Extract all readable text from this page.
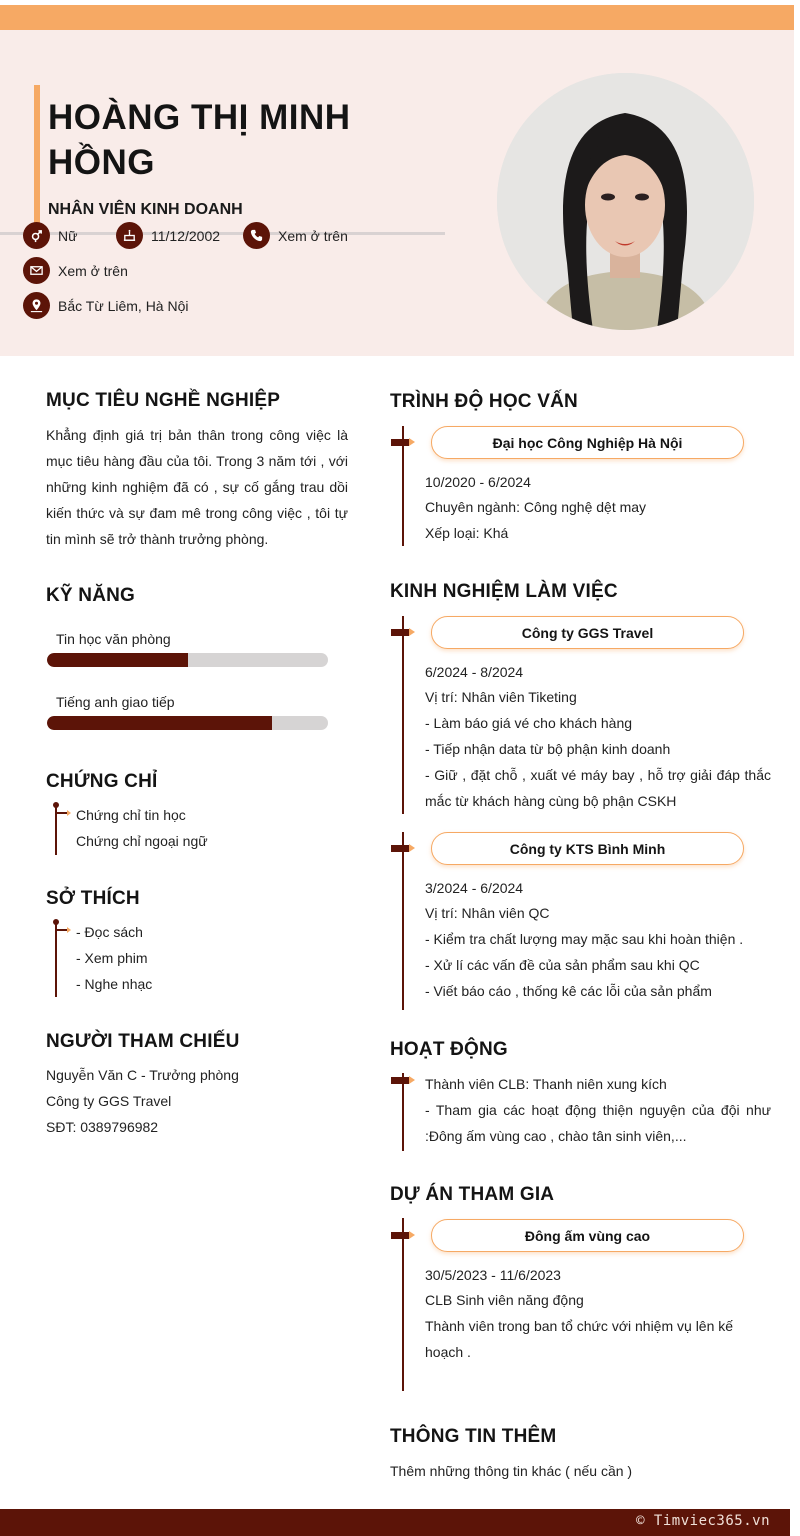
HOÀNG THỊ MINH HỒNG
NHÂN VIÊN KINH DOANH
Nữ	11/12/2002	Xem ở trên
Xem ở trên
Bắc Từ Liêm, Hà Nội
MỤC TIÊU NGHỀ NGHIỆP
Khẳng định giá trị bản thân trong công việc là mục tiêu hàng đầu của tôi. Trong 3 năm tới , với những kinh nghiệm đã có , sự cố gắng trau dồi kiến thức và sự đam mê trong công việc , tôi tự tin mình sẽ trở thành trưởng phòng.
KỸ NĂNG
Tin học văn phòng
Tiếng anh giao tiếp
CHỨNG CHỈ
Chứng chỉ tin học
Chứng chỉ ngoại ngữ
SỞ THÍCH
- Đọc sách
- Xem phim
- Nghe nhạc
NGƯỜI THAM CHIẾU
Nguyễn Văn C - Trưởng phòng
Công ty GGS Travel
SĐT: 0389796982
TRÌNH ĐỘ HỌC VẤN
Đại học Công Nghiệp Hà Nội
10/2020 - 6/2024
Chuyên ngành: Công nghệ dệt may
Xếp loại: Khá
KINH NGHIỆM LÀM VIỆC
Công ty GGS Travel
6/2024 - 8/2024
Vị trí: Nhân viên Tiketing
- Làm báo giá vé cho khách hàng
- Tiếp nhận data từ bộ phận kinh doanh
- Giữ , đặt chỗ , xuất vé máy bay , hỗ trợ giải đáp thắc mắc từ khách hàng cùng bộ phận CSKH
Công ty KTS Bình Minh
3/2024 - 6/2024
Vị trí: Nhân viên QC
- Kiểm tra chất lượng may mặc sau khi hoàn thiện .
- Xử lí các vấn đề của sản phẩm sau khi QC
- Viết báo cáo , thống kê các lỗi của sản phẩm
HOẠT ĐỘNG
Thành viên CLB: Thanh niên xung kích
- Tham gia các hoạt động thiện nguyện của đội như :Đông ấm vùng cao , chào tân sinh viên,...
DỰ ÁN THAM GIA
Đông ấm vùng cao
30/5/2023 - 11/6/2023
CLB Sinh viên năng động
Thành viên trong ban tổ chức với nhiệm vụ lên kế hoạch .
THÔNG TIN THÊM
Thêm những thông tin khác ( nếu cần )
© Timviec365.vn
